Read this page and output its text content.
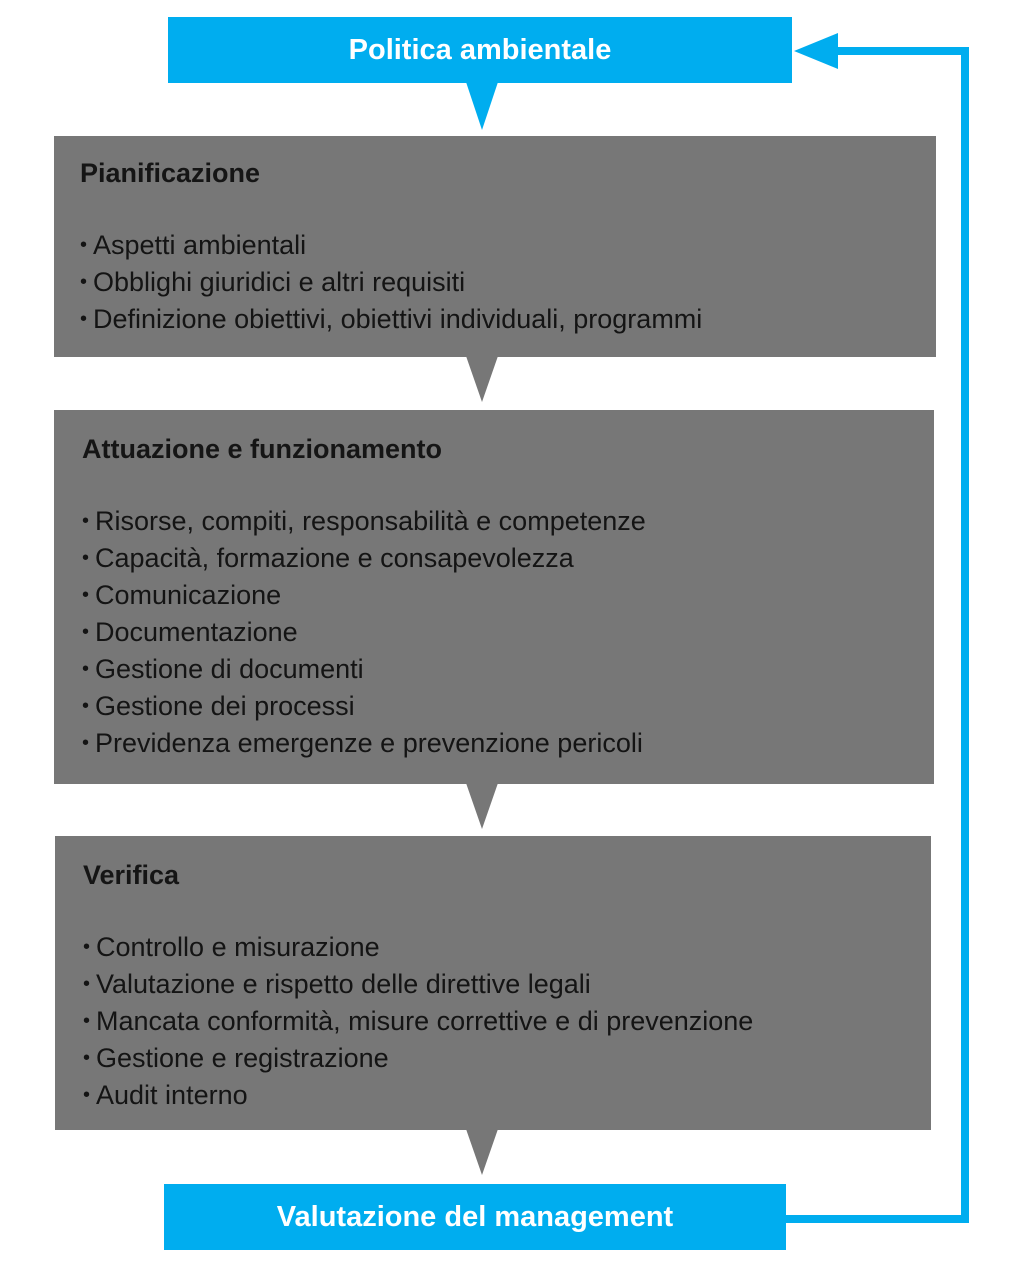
Politica ambientale
Pianificazione
• Aspetti ambientali
• Obblighi giuridici e altri requisiti
• Definizione obiettivi, obiettivi individuali, programmi
Attuazione e funzionamento
• Risorse, compiti, responsabilità e competenze
• Capacità, formazione e consapevolezza
• Comunicazione
• Documentazione
• Gestione di documenti
• Gestione dei processi
• Previdenza emergenze e prevenzione pericoli
Verifica
• Controllo e misurazione
• Valutazione e rispetto delle direttive legali
• Mancata conformità, misure correttive e di prevenzione
• Gestione e registrazione
• Audit interno
Valutazione del management
